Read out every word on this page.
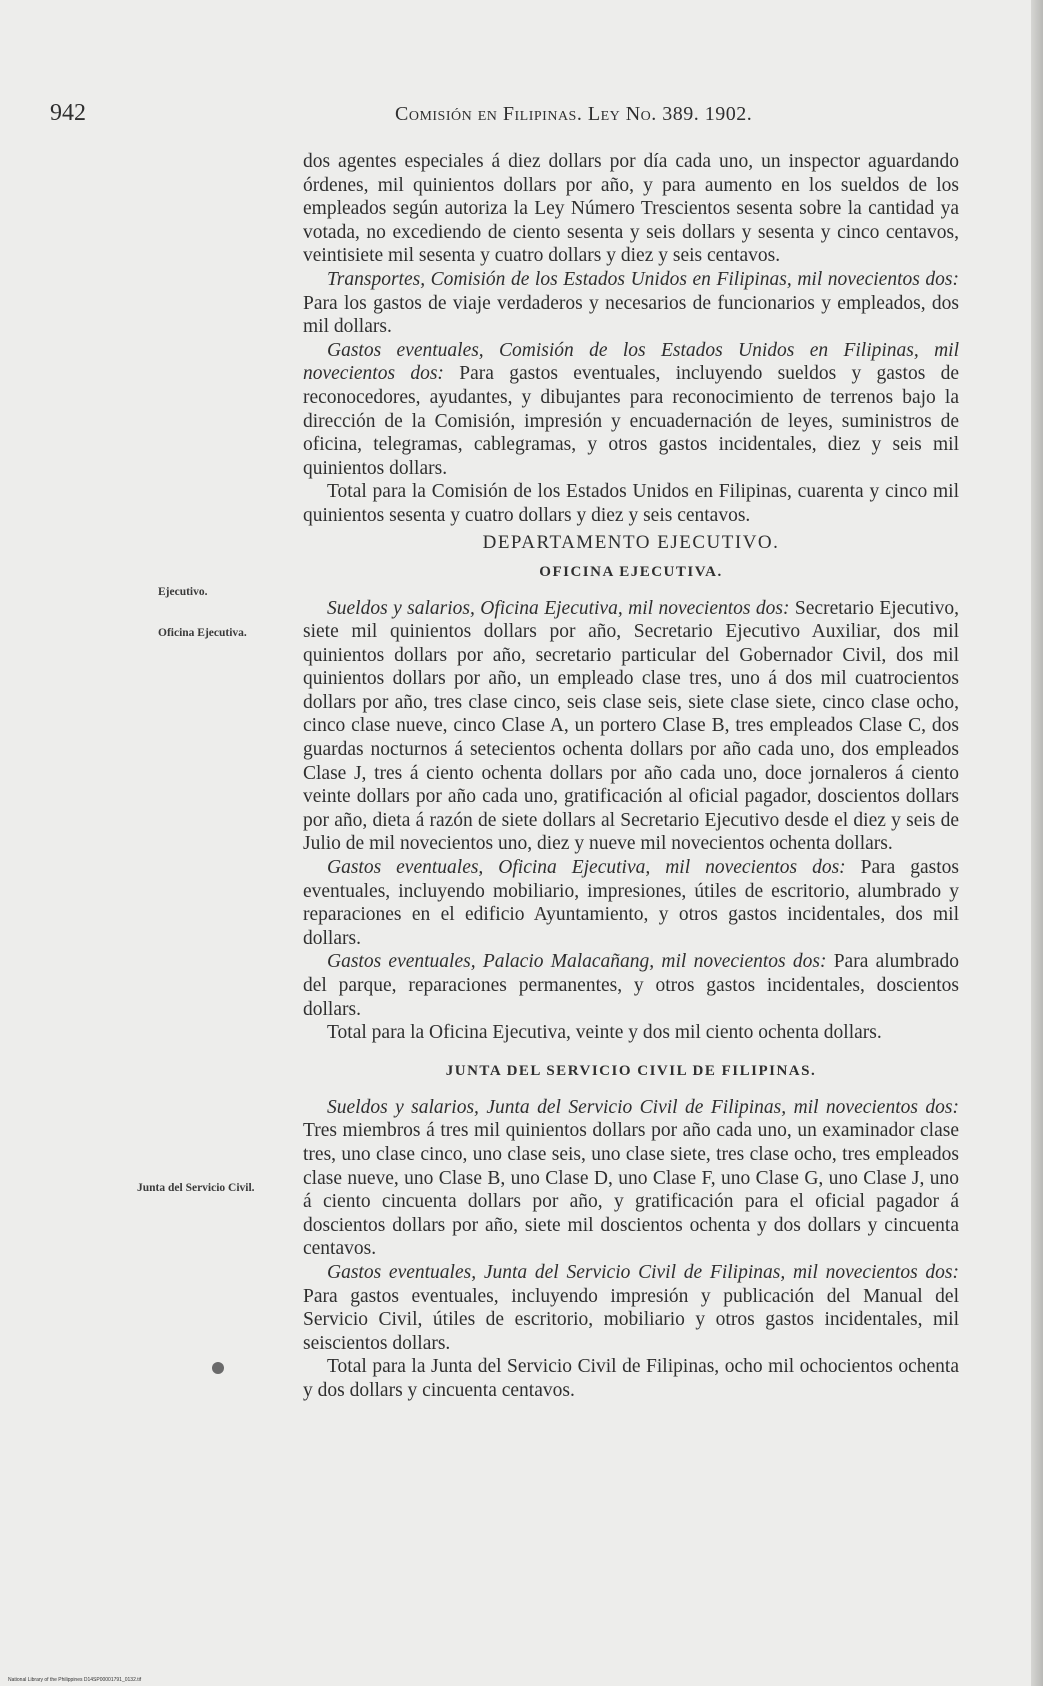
942	Comisión en Filipinas. Ley No. 389. 1902.
Ejecutivo.
Oficina Ejecutiva.
Junta del Servicio Civil.

dos agentes especiales á diez dollars por día cada uno, un inspector aguardando órdenes, mil quinientos dollars por año, y para aumento en los sueldos de los empleados según autoriza la Ley Número Trescientos sesenta sobre la cantidad ya votada, no excediendo de ciento sesenta y seis dollars y sesenta y cinco centavos, veintisiete mil sesenta y cuatro dollars y diez y seis centavos.

Transportes, Comisión de los Estados Unidos en Filipinas, mil novecientos dos: Para los gastos de viaje verdaderos y necesarios de funcionarios y empleados, dos mil dollars.

Gastos eventuales, Comisión de los Estados Unidos en Filipinas, mil novecientos dos: Para gastos eventuales, incluyendo sueldos y gastos de reconocedores, ayudantes, y dibujantes para reconocimiento de terrenos bajo la dirección de la Comisión, impresión y encuadernación de leyes, suministros de oficina, telegramas, cablegramas, y otros gastos incidentales, diez y seis mil quinientos dollars.

Total para la Comisión de los Estados Unidos en Filipinas, cuarenta y cinco mil quinientos sesenta y cuatro dollars y diez y seis centavos.

DEPARTAMENTO EJECUTIVO.
OFICINA EJECUTIVA.

Sueldos y salarios, Oficina Ejecutiva, mil novecientos dos: Secretario Ejecutivo, siete mil quinientos dollars por año, Secretario Ejecutivo Auxiliar, dos mil quinientos dollars por año, secretario particular del Gobernador Civil, dos mil quinientos dollars por año, un empleado clase tres, uno á dos mil cuatrocientos dollars por año, tres clase cinco, seis clase seis, siete clase siete, cinco clase ocho, cinco clase nueve, cinco Clase A, un portero Clase B, tres empleados Clase C, dos guardas nocturnos á setecientos ochenta dollars por año cada uno, dos empleados Clase J, tres á ciento ochenta dollars por año cada uno, doce jornaleros á ciento veinte dollars por año cada uno, gratificación al oficial pagador, doscientos dollars por año, dieta á razón de siete dollars al Secretario Ejecutivo desde el diez y seis de Julio de mil novecientos uno, diez y nueve mil novecientos ochenta dollars.

Gastos eventuales, Oficina Ejecutiva, mil novecientos dos: Para gastos eventuales, incluyendo mobiliario, impresiones, útiles de escritorio, alumbrado y reparaciones en el edificio Ayuntamiento, y otros gastos incidentales, dos mil dollars.

Gastos eventuales, Palacio Malacañang, mil novecientos dos: Para alumbrado del parque, reparaciones permanentes, y otros gastos incidentales, doscientos dollars.

Total para la Oficina Ejecutiva, veinte y dos mil ciento ochenta dollars.

JUNTA DEL SERVICIO CIVIL DE FILIPINAS.

Sueldos y salarios, Junta del Servicio Civil de Filipinas, mil novecientos dos: Tres miembros á tres mil quinientos dollars por año cada uno, un examinador clase tres, uno clase cinco, uno clase seis, uno clase siete, tres clase ocho, tres empleados clase nueve, uno Clase B, uno Clase D, uno Clase F, uno Clase G, uno Clase J, uno á ciento cincuenta dollars por año, y gratificación para el oficial pagador á doscientos dollars por año, siete mil doscientos ochenta y dos dollars y cincuenta centavos.

Gastos eventuales, Junta del Servicio Civil de Filipinas, mil novecientos dos: Para gastos eventuales, incluyendo impresión y publicación del Manual del Servicio Civil, útiles de escritorio, mobiliario y otros gastos incidentales, mil seiscientos dollars.

Total para la Junta del Servicio Civil de Filipinas, ocho mil ochocientos ochenta y dos dollars y cincuenta centavos.

National Library of the Philippines D14SP00001791_0132.tif
